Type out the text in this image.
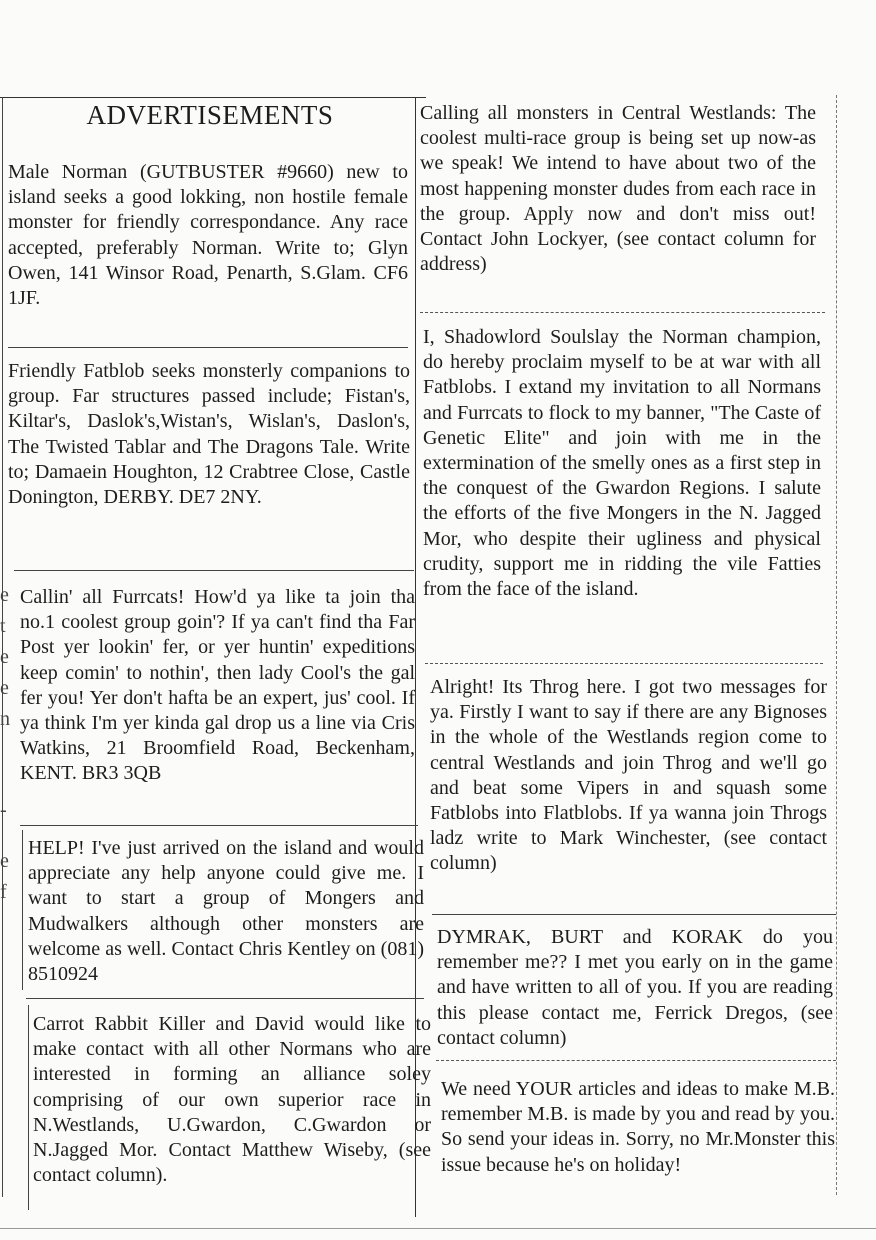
e
t
e
e
n
-
e
f
ADVERTISEMENTS

Male Norman (GUTBUSTER #9660) new to island seeks a good lokking, non hostile female monster for friendly correspondance. Any race accepted, preferably Norman. Write to; Glyn Owen, 141 Winsor Road, Penarth, S.Glam. CF6 1JF.

Friendly Fatblob seeks monsterly companions to group. Far structures passed include; Fistan's, Kiltar's, Daslok's,Wistan's, Wislan's, Daslon's, The Twisted Tablar and The Dragons Tale. Write to; Damaein Houghton, 12 Crabtree Close, Castle Donington, DERBY. DE7 2NY.

Callin' all Furrcats! How'd ya like ta join tha no.1 coolest group goin'? If ya can't find tha Far Post yer lookin' fer, or yer huntin' expeditions keep comin' to nothin', then lady Cool's the gal fer you! Yer don't hafta be an expert, jus' cool. If ya think I'm yer kinda gal drop us a line via Cris Watkins, 21 Broomfield Road, Beckenham, KENT. BR3 3QB

HELP! I've just arrived on the island and would appreciate any help anyone could give me. I want to start a group of Mongers and Mudwalkers although other monsters are welcome as well. Contact Chris Kentley on (081) 8510924

Carrot Rabbit Killer and David would like to make contact with all other Normans who are interested in forming an alliance soley comprising of our own superior race in N.Westlands, U.Gwardon, C.Gwardon or N.Jagged Mor. Contact Matthew Wiseby, (see contact column).

Calling all monsters in Central Westlands: The coolest multi-race group is being set up now-as we speak! We intend to have about two of the most happening monster dudes from each race in the group. Apply now and don't miss out! Contact John Lockyer, (see contact column for address)

I, Shadowlord Soulslay the Norman champion, do hereby proclaim myself to be at war with all Fatblobs. I extand my invitation to all Normans and Furrcats to flock to my banner, "The Caste of Genetic Elite" and join with me in the extermination of the smelly ones as a first step in the conquest of the Gwardon Regions. I salute the efforts of the five Mongers in the N. Jagged Mor, who despite their ugliness and physical crudity, support me in ridding the vile Fatties from the face of the island.

Alright! Its Throg here. I got two messages for ya. Firstly I want to say if there are any Bignoses in the whole of the Westlands region come to central Westlands and join Throg and we'll go and beat some Vipers in and squash some Fatblobs into Flatblobs. If ya wanna join Throgs ladz write to Mark Winchester, (see contact column)

DYMRAK, BURT and KORAK do you remember me?? I met you early on in the game and have written to all of you. If you are reading this please contact me, Ferrick Dregos, (see contact column)

We need YOUR articles and ideas to make M.B. remember M.B. is made by you and read by you. So send your ideas in. Sorry, no Mr.Monster this issue because he's on holiday!
